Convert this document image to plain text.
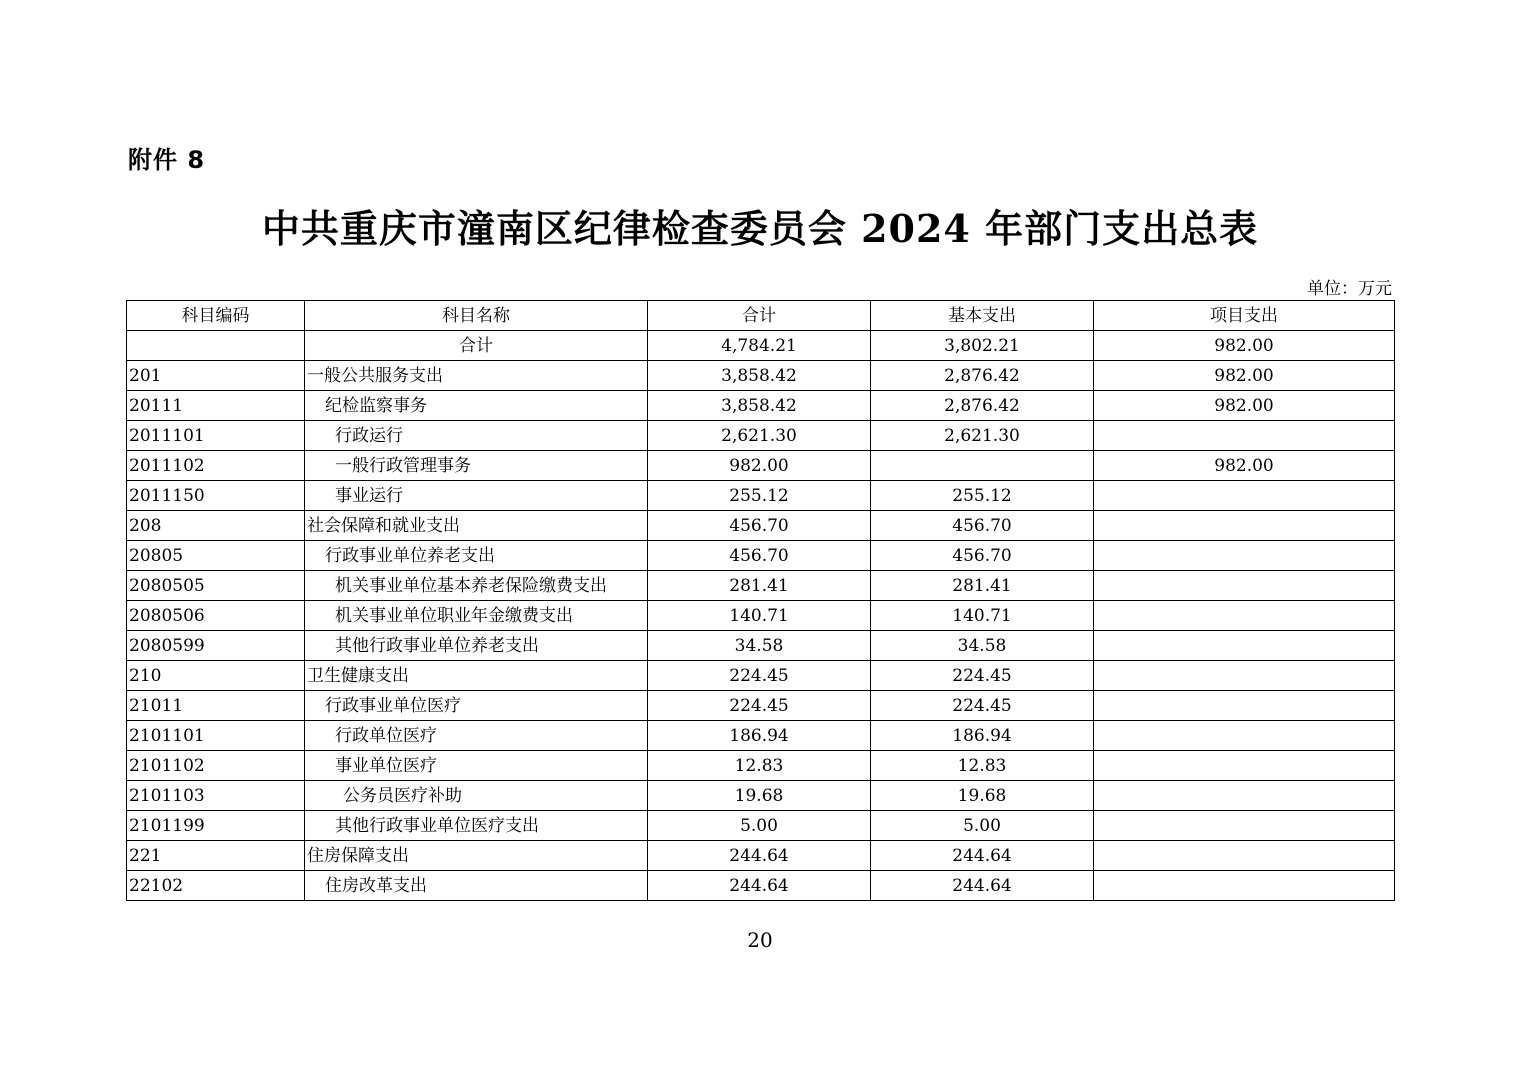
附件 8
中共重庆市潼南区纪律检查委员会 2024 年部门支出总表
单位：万元
科目编码	科目名称	合计	基本支出	项目支出
	合计	4,784.21	3,802.21	982.00
201	一般公共服务支出	3,858.42	2,876.42	982.00
20111	纪检监察事务	3,858.42	2,876.42	982.00
2011101	行政运行	2,621.30	2,621.30	
2011102	一般行政管理事务	982.00		982.00
2011150	事业运行	255.12	255.12	
208	社会保障和就业支出	456.70	456.70	
20805	行政事业单位养老支出	456.70	456.70	
2080505	机关事业单位基本养老保险缴费支出	281.41	281.41	
2080506	机关事业单位职业年金缴费支出	140.71	140.71	
2080599	其他行政事业单位养老支出	34.58	34.58	
210	卫生健康支出	224.45	224.45	
21011	行政事业单位医疗	224.45	224.45	
2101101	行政单位医疗	186.94	186.94	
2101102	事业单位医疗	12.83	12.83	
2101103	公务员医疗补助	19.68	19.68	
2101199	其他行政事业单位医疗支出	5.00	5.00	
221	住房保障支出	244.64	244.64	
22102	住房改革支出	244.64	244.64	
20
